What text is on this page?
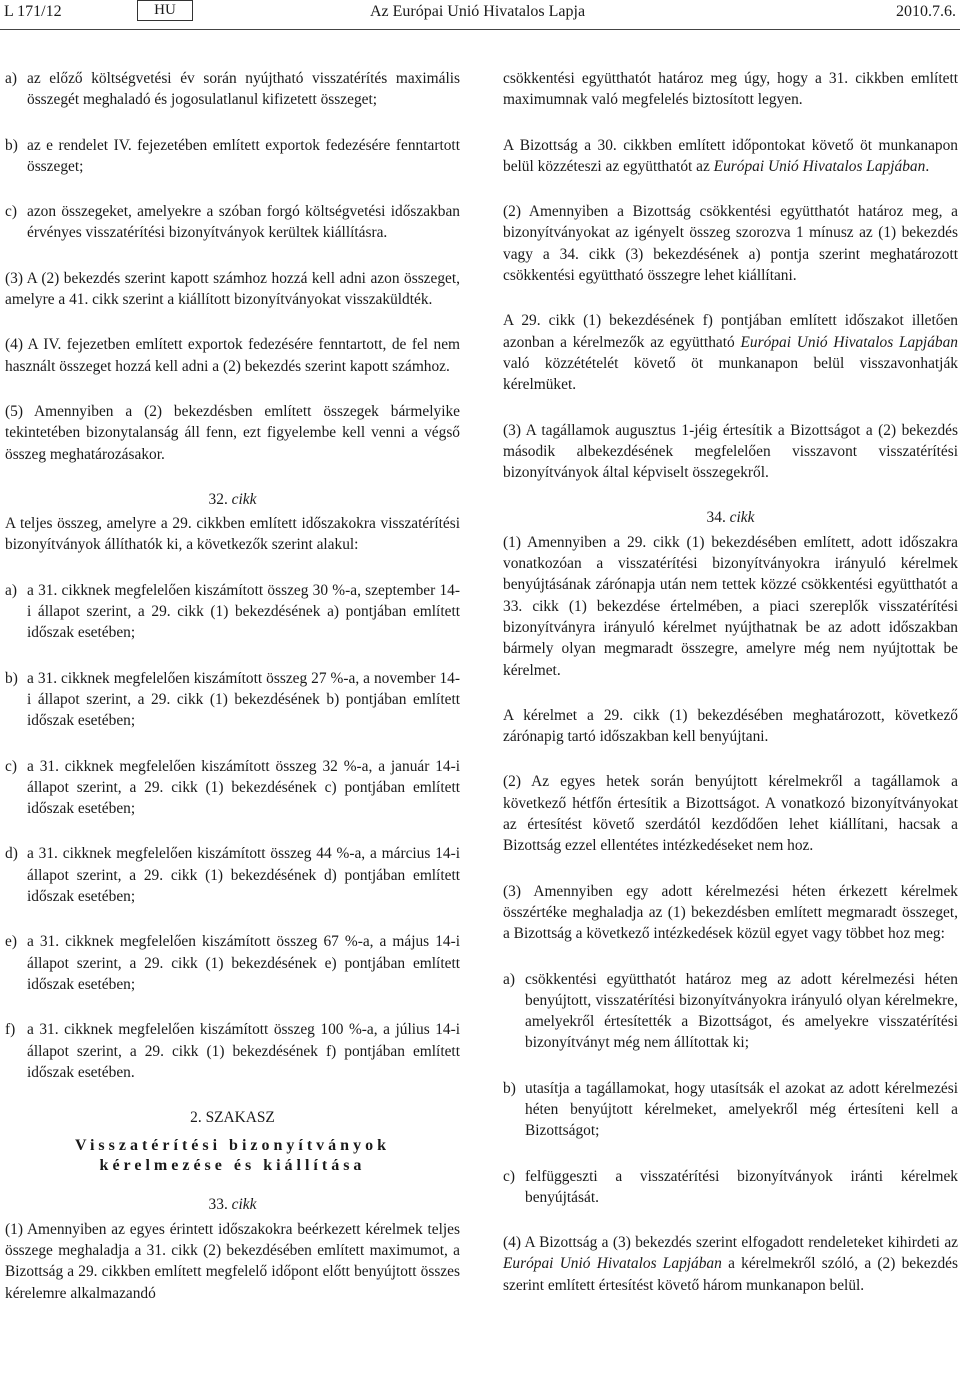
L 171/12	HU	Az Európai Unió Hivatalos Lapja	2010.7.6.
a) az előző költségvetési év során nyújtható visszatérítés maximális összegét meghaladó és jogosulatlanul kifizetett összeget;
b) az e rendelet IV. fejezetében említett exportok fedezésére fenntartott összeget;
c) azon összegeket, amelyekre a szóban forgó költségvetési időszakban érvényes visszatérítési bizonyítványok kerültek kiállításra.

(3) A (2) bekezdés szerint kapott számhoz hozzá kell adni azon összeget, amelyre a 41. cikk szerint a kiállított bizonyítványokat visszaküldték.

(4) A IV. fejezetben említett exportok fedezésére fenntartott, de fel nem használt összeget hozzá kell adni a (2) bekezdés szerint kapott számhoz.

(5) Amennyiben a (2) bekezdésben említett összegek bármelyike tekintetében bizonytalanság áll fenn, ezt figyelembe kell venni a végső összeg meghatározásakor.

32. cikk

A teljes összeg, amelyre a 29. cikkben említett időszakokra visszatérítési bizonyítványok állíthatók ki, a következők szerint alakul:

a) a 31. cikknek megfelelően kiszámított összeg 30 %-a, szeptember 14-i állapot szerint, a 29. cikk (1) bekezdésének a) pontjában említett időszak esetében;
b) a 31. cikknek megfelelően kiszámított összeg 27 %-a, a november 14-i állapot szerint, a 29. cikk (1) bekezdésének b) pontjában említett időszak esetében;
c) a 31. cikknek megfelelően kiszámított összeg 32 %-a, a január 14-i állapot szerint, a 29. cikk (1) bekezdésének c) pontjában említett időszak esetében;
d) a 31. cikknek megfelelően kiszámított összeg 44 %-a, a március 14-i állapot szerint, a 29. cikk (1) bekezdésének d) pontjában említett időszak esetében;
e) a 31. cikknek megfelelően kiszámított összeg 67 %-a, a május 14-i állapot szerint, a 29. cikk (1) bekezdésének e) pontjában említett időszak esetében;
f) a 31. cikknek megfelelően kiszámított összeg 100 %-a, a július 14-i állapot szerint, a 29. cikk (1) bekezdésének f) pontjában említett időszak esetében.
2. SZAKASZ
Visszatérítési bizonyítványok
kérelmezése és kiállítása
33. cikk

(1) Amennyiben az egyes érintett időszakokra beérkezett kérelmek teljes összege meghaladja a 31. cikk (2) bekezdésében említett maximumot, a Bizottság a 29. cikkben említett megfelelő időpont előtt benyújtott összes kérelemre alkalmazandó

csökkentési együtthatót határoz meg úgy, hogy a 31. cikkben említett maximumnak való megfelelés biztosított legyen.

A Bizottság a 30. cikkben említett időpontokat követő öt munkanapon belül közzéteszi az együtthatót az Európai Unió Hivatalos Lapjában.

(2) Amennyiben a Bizottság csökkentési együtthatót határoz meg, a bizonyítványokat az igényelt összeg szorozva 1 mínusz az (1) bekezdés vagy a 34. cikk (3) bekezdésének a) pontja szerint meghatározott csökkentési együttható összegre lehet kiállítani.

A 29. cikk (1) bekezdésének f) pontjában említett időszakot illetően azonban a kérelmezők az együttható Európai Unió Hivatalos Lapjában való közzétételét követő öt munkanapon belül visszavonhatják kérelmüket.

(3) A tagállamok augusztus 1-jéig értesítik a Bizottságot a (2) bekezdés második albekezdésének megfelelően visszavont visszatérítési bizonyítványok által képviselt összegekről.

34. cikk

(1) Amennyiben a 29. cikk (1) bekezdésében említett, adott időszakra vonatkozóan a visszatérítési bizonyítványokra irányuló kérelmek benyújtásának zárónapja után nem tettek közzé csökkentési együtthatót a 33. cikk (1) bekezdése értelmében, a piaci szereplők visszatérítési bizonyítványra irányuló kérelmet nyújthatnak be az adott időszakban bármely olyan megmaradt összegre, amelyre még nem nyújtottak be kérelmet.

A kérelmet a 29. cikk (1) bekezdésében meghatározott, következő zárónapig tartó időszakban kell benyújtani.

(2) Az egyes hetek során benyújtott kérelmekről a tagállamok a következő hétfőn értesítik a Bizottságot. A vonatkozó bizonyítványokat az értesítést követő szerdától kezdődően lehet kiállítani, hacsak a Bizottság ezzel ellentétes intézkedéseket nem hoz.

(3) Amennyiben egy adott kérelmezési héten érkezett kérelmek összértéke meghaladja az (1) bekezdésben említett megmaradt összeget, a Bizottság a következő intézkedések közül egyet vagy többet hoz meg:

a) csökkentési együtthatót határoz meg az adott kérelmezési héten benyújtott, visszatérítési bizonyítványokra irányuló olyan kérelmekre, amelyekről értesítették a Bizottságot, és amelyekre visszatérítési bizonyítványt még nem állítottak ki;
b) utasítja a tagállamokat, hogy utasítsák el azokat az adott kérelmezési héten benyújtott kérelmeket, amelyekről még értesíteni kell a Bizottságot;
c) felfüggeszti a visszatérítési bizonyítványok iránti kérelmek benyújtását.

(4) A Bizottság a (3) bekezdés szerint elfogadott rendeleteket kihirdeti az Európai Unió Hivatalos Lapjában a kérelmekről szóló, a (2) bekezdés szerint említett értesítést követő három munkanapon belül.
